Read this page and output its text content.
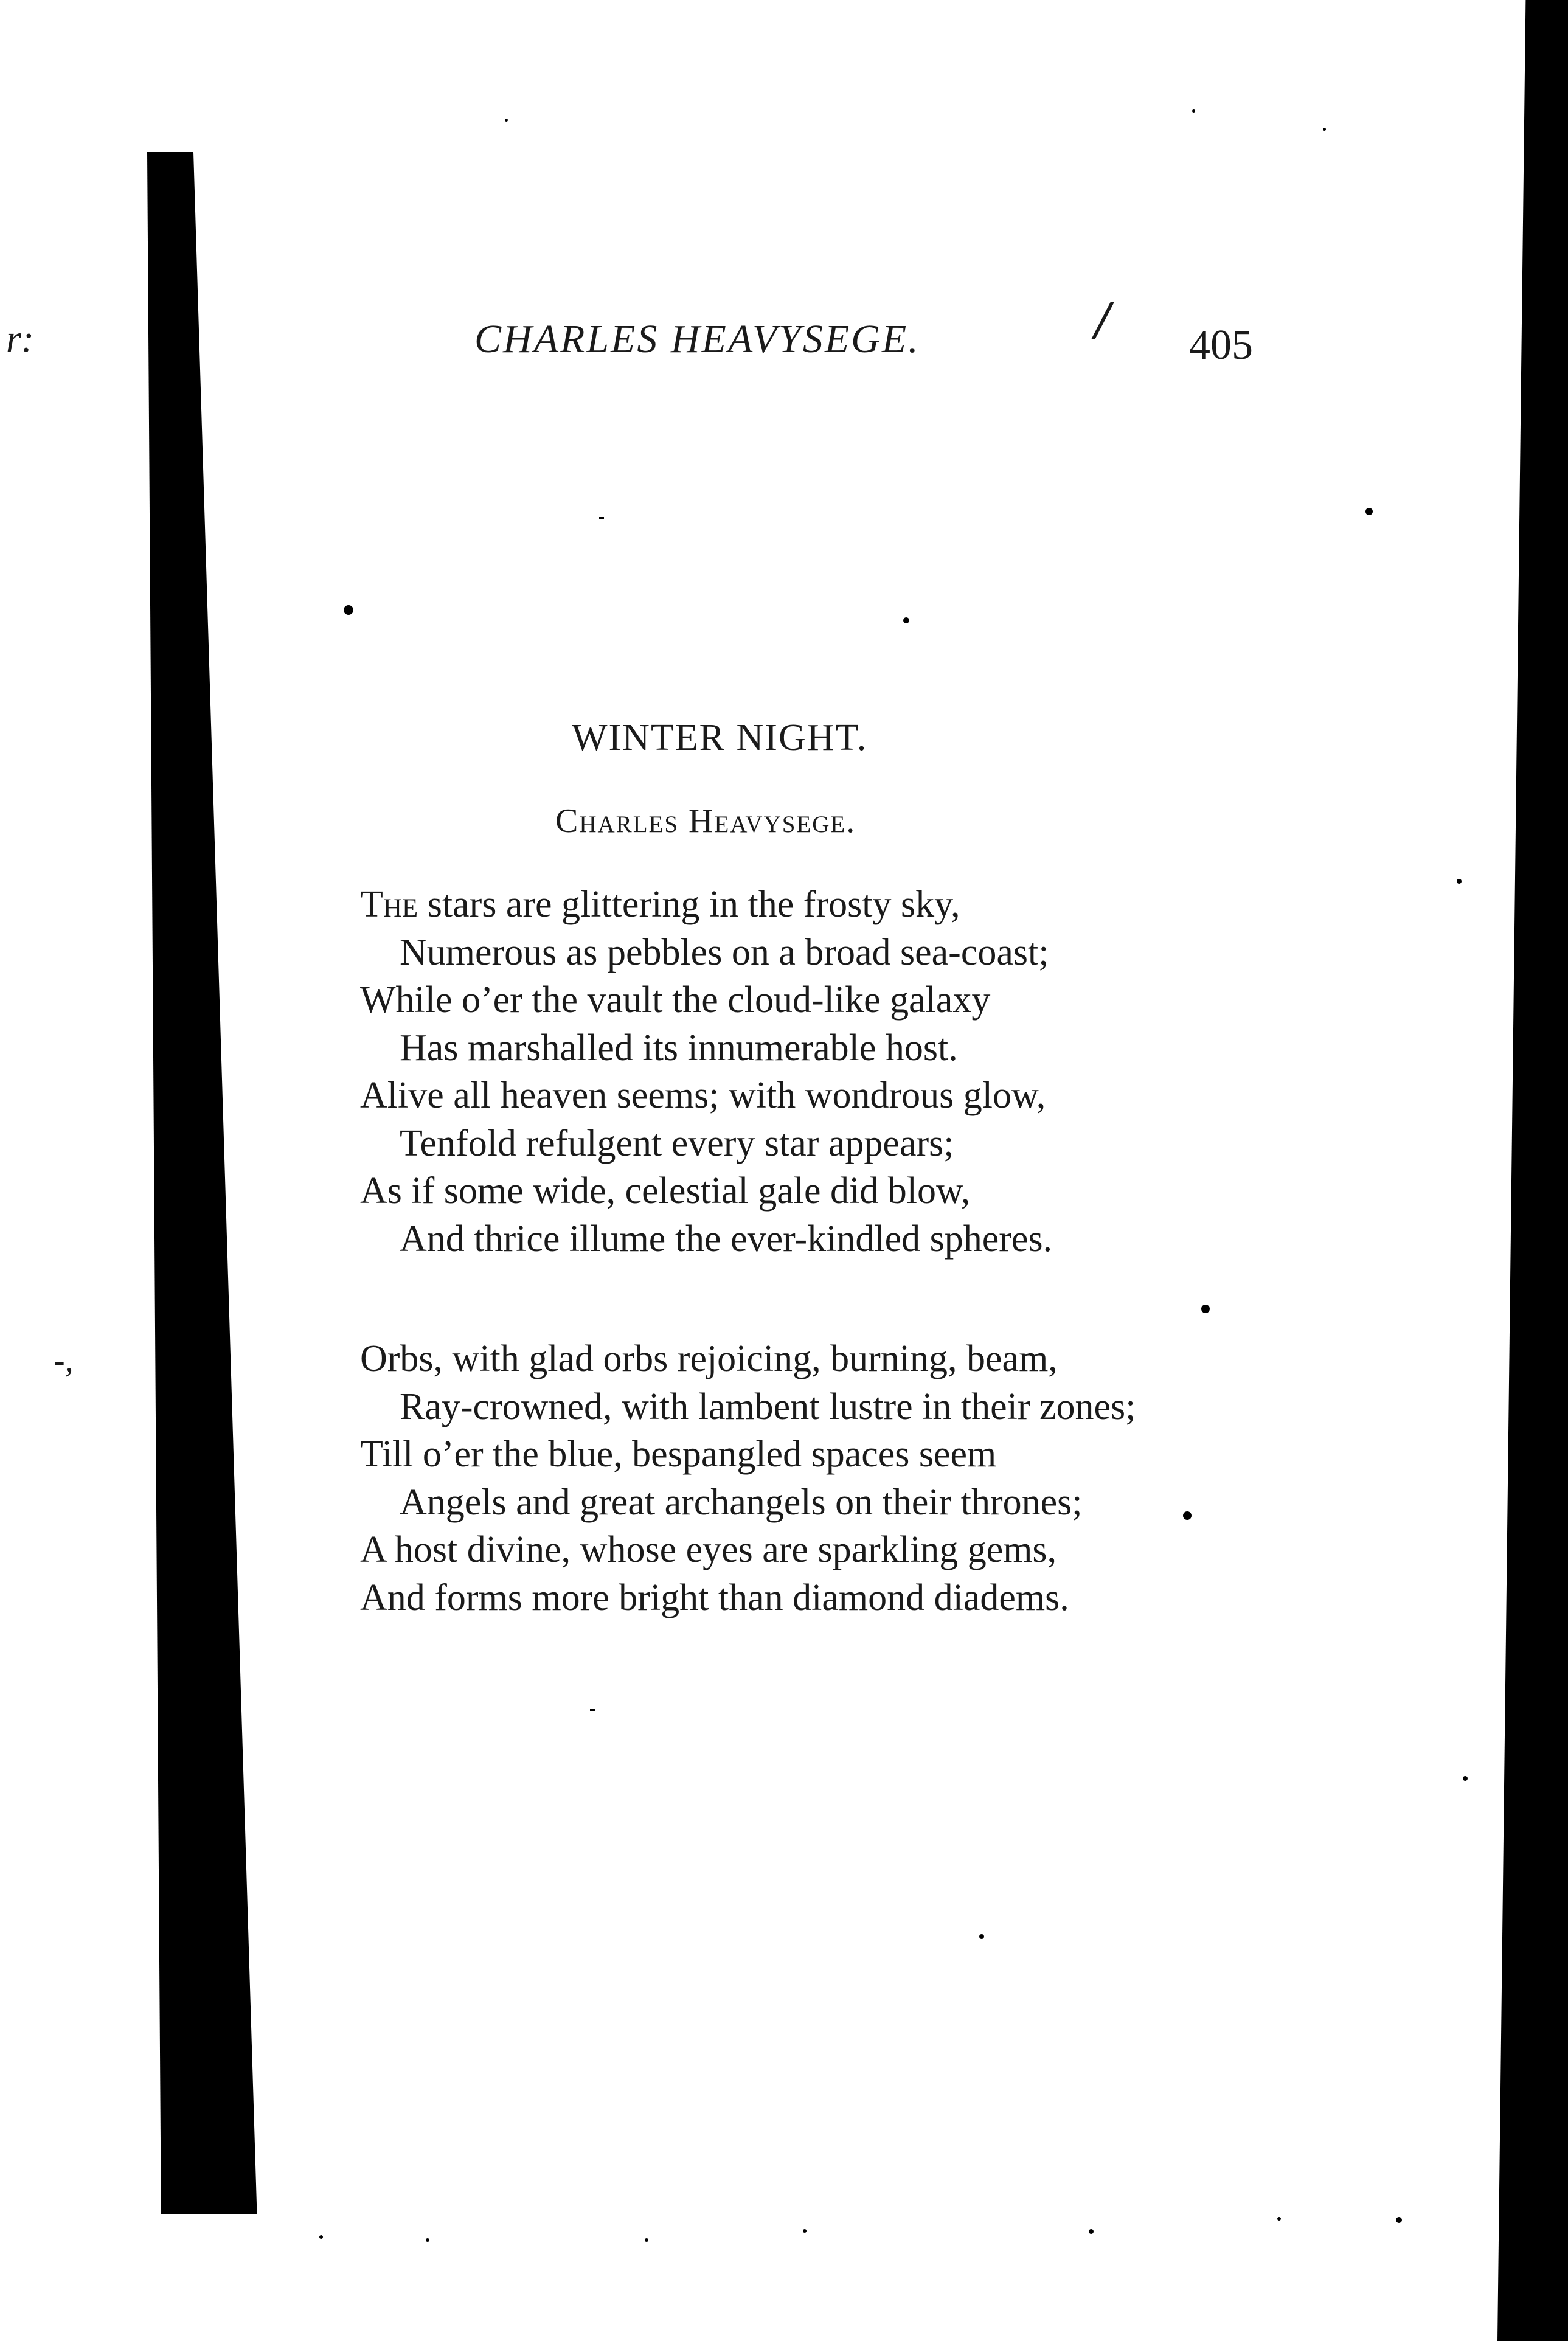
r:
-,
CHARLES HEAVYSEGE.	/ 405
WINTER NIGHT.
Charles Heavysege.
The stars are glittering in the frosty sky,
Numerous as pebbles on a broad sea-coast;
While o’er the vault the cloud-like galaxy
Has marshalled its innumerable host.
Alive all heaven seems; with wondrous glow,
Tenfold refulgent every star appears;
As if some wide, celestial gale did blow,
And thrice illume the ever-kindled spheres.
Orbs, with glad orbs rejoicing, burning, beam,
Ray-crowned, with lambent lustre in their zones;
Till o’er the blue, bespangled spaces seem
Angels and great archangels on their thrones;
A host divine, whose eyes are sparkling gems,
And forms more bright than diamond diadems.
